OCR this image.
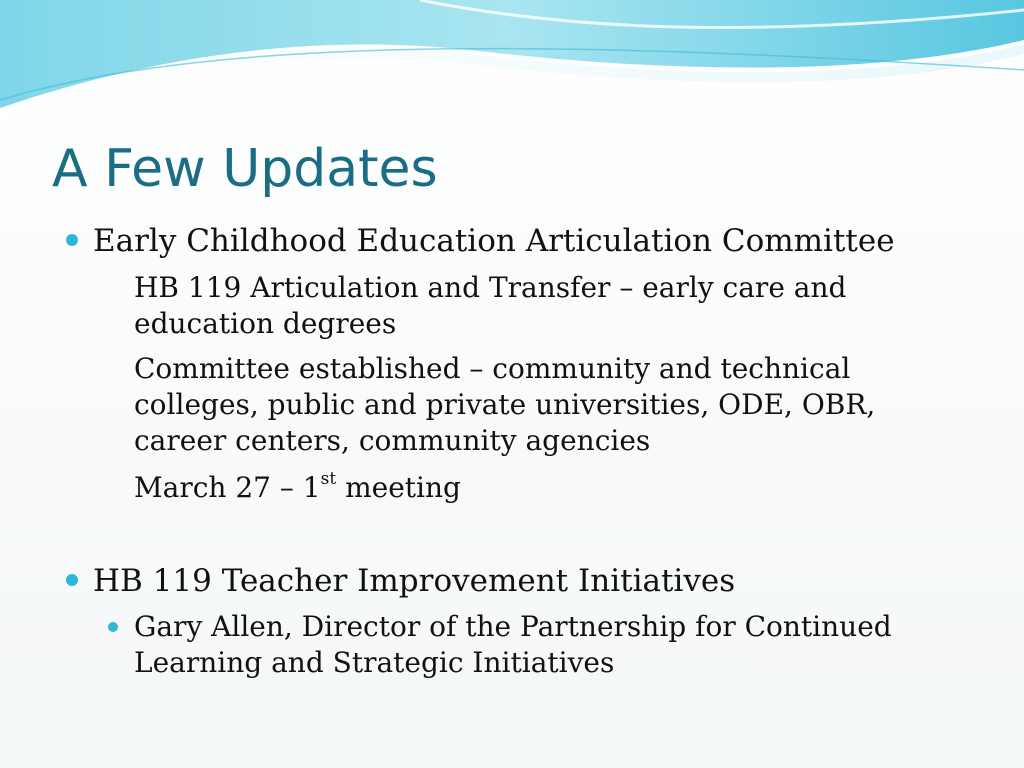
A Few Updates
Early Childhood Education Articulation Committee

HB 119 Articulation and Transfer – early care and education degrees

Committee established – community and technical colleges, public and private universities, ODE, OBR, career centers, community agencies

March 27 – 1st meeting

HB 119 Teacher Improvement Initiatives
Gary Allen, Director of the Partnership for Continued Learning and Strategic Initiatives
